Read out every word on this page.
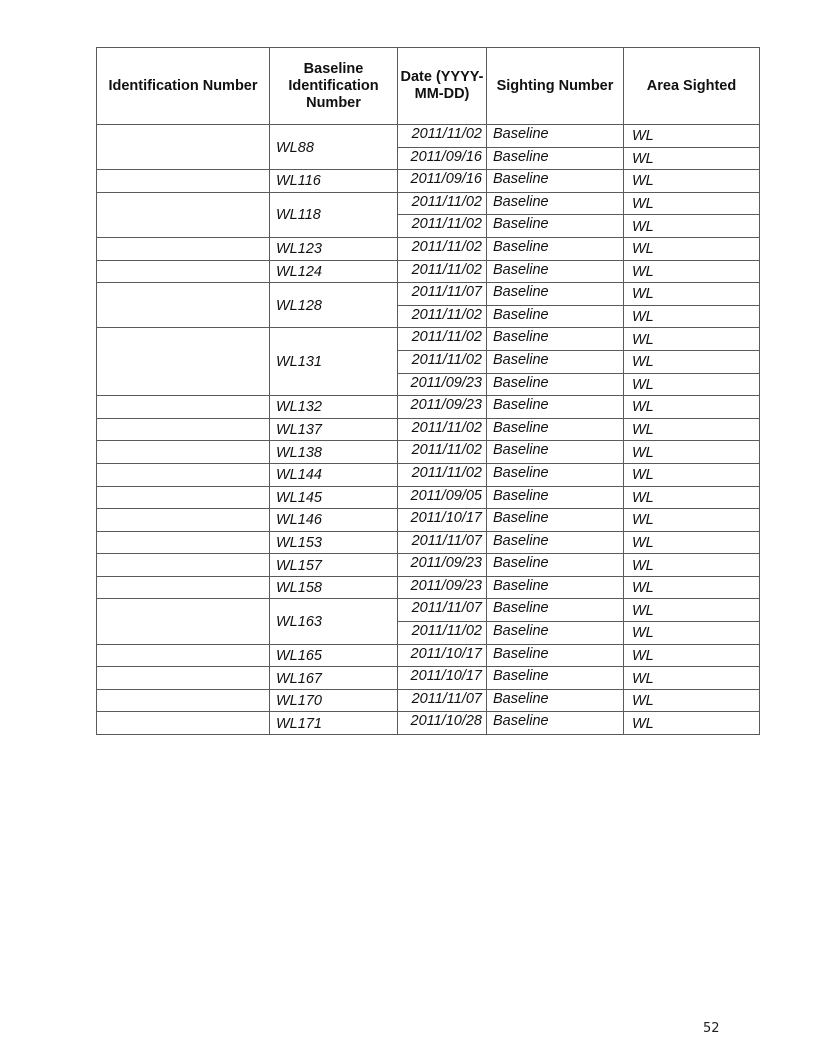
Identification Number	Baseline Identification Number	Date (YYYY-MM-DD)	Sighting Number	Area Sighted
	WL88	2011/11/02	Baseline	WL
		2011/09/16	Baseline	WL
	WL116	2011/09/16	Baseline	WL
	WL118	2011/11/02	Baseline	WL
		2011/11/02	Baseline	WL
	WL123	2011/11/02	Baseline	WL
	WL124	2011/11/02	Baseline	WL
	WL128	2011/11/07	Baseline	WL
		2011/11/02	Baseline	WL
	WL131	2011/11/02	Baseline	WL
		2011/11/02	Baseline	WL
		2011/09/23	Baseline	WL
	WL132	2011/09/23	Baseline	WL
	WL137	2011/11/02	Baseline	WL
	WL138	2011/11/02	Baseline	WL
	WL144	2011/11/02	Baseline	WL
	WL145	2011/09/05	Baseline	WL
	WL146	2011/10/17	Baseline	WL
	WL153	2011/11/07	Baseline	WL
	WL157	2011/09/23	Baseline	WL
	WL158	2011/09/23	Baseline	WL
	WL163	2011/11/07	Baseline	WL
		2011/11/02	Baseline	WL
	WL165	2011/10/17	Baseline	WL
	WL167	2011/10/17	Baseline	WL
	WL170	2011/11/07	Baseline	WL
	WL171	2011/10/28	Baseline	WL
52
